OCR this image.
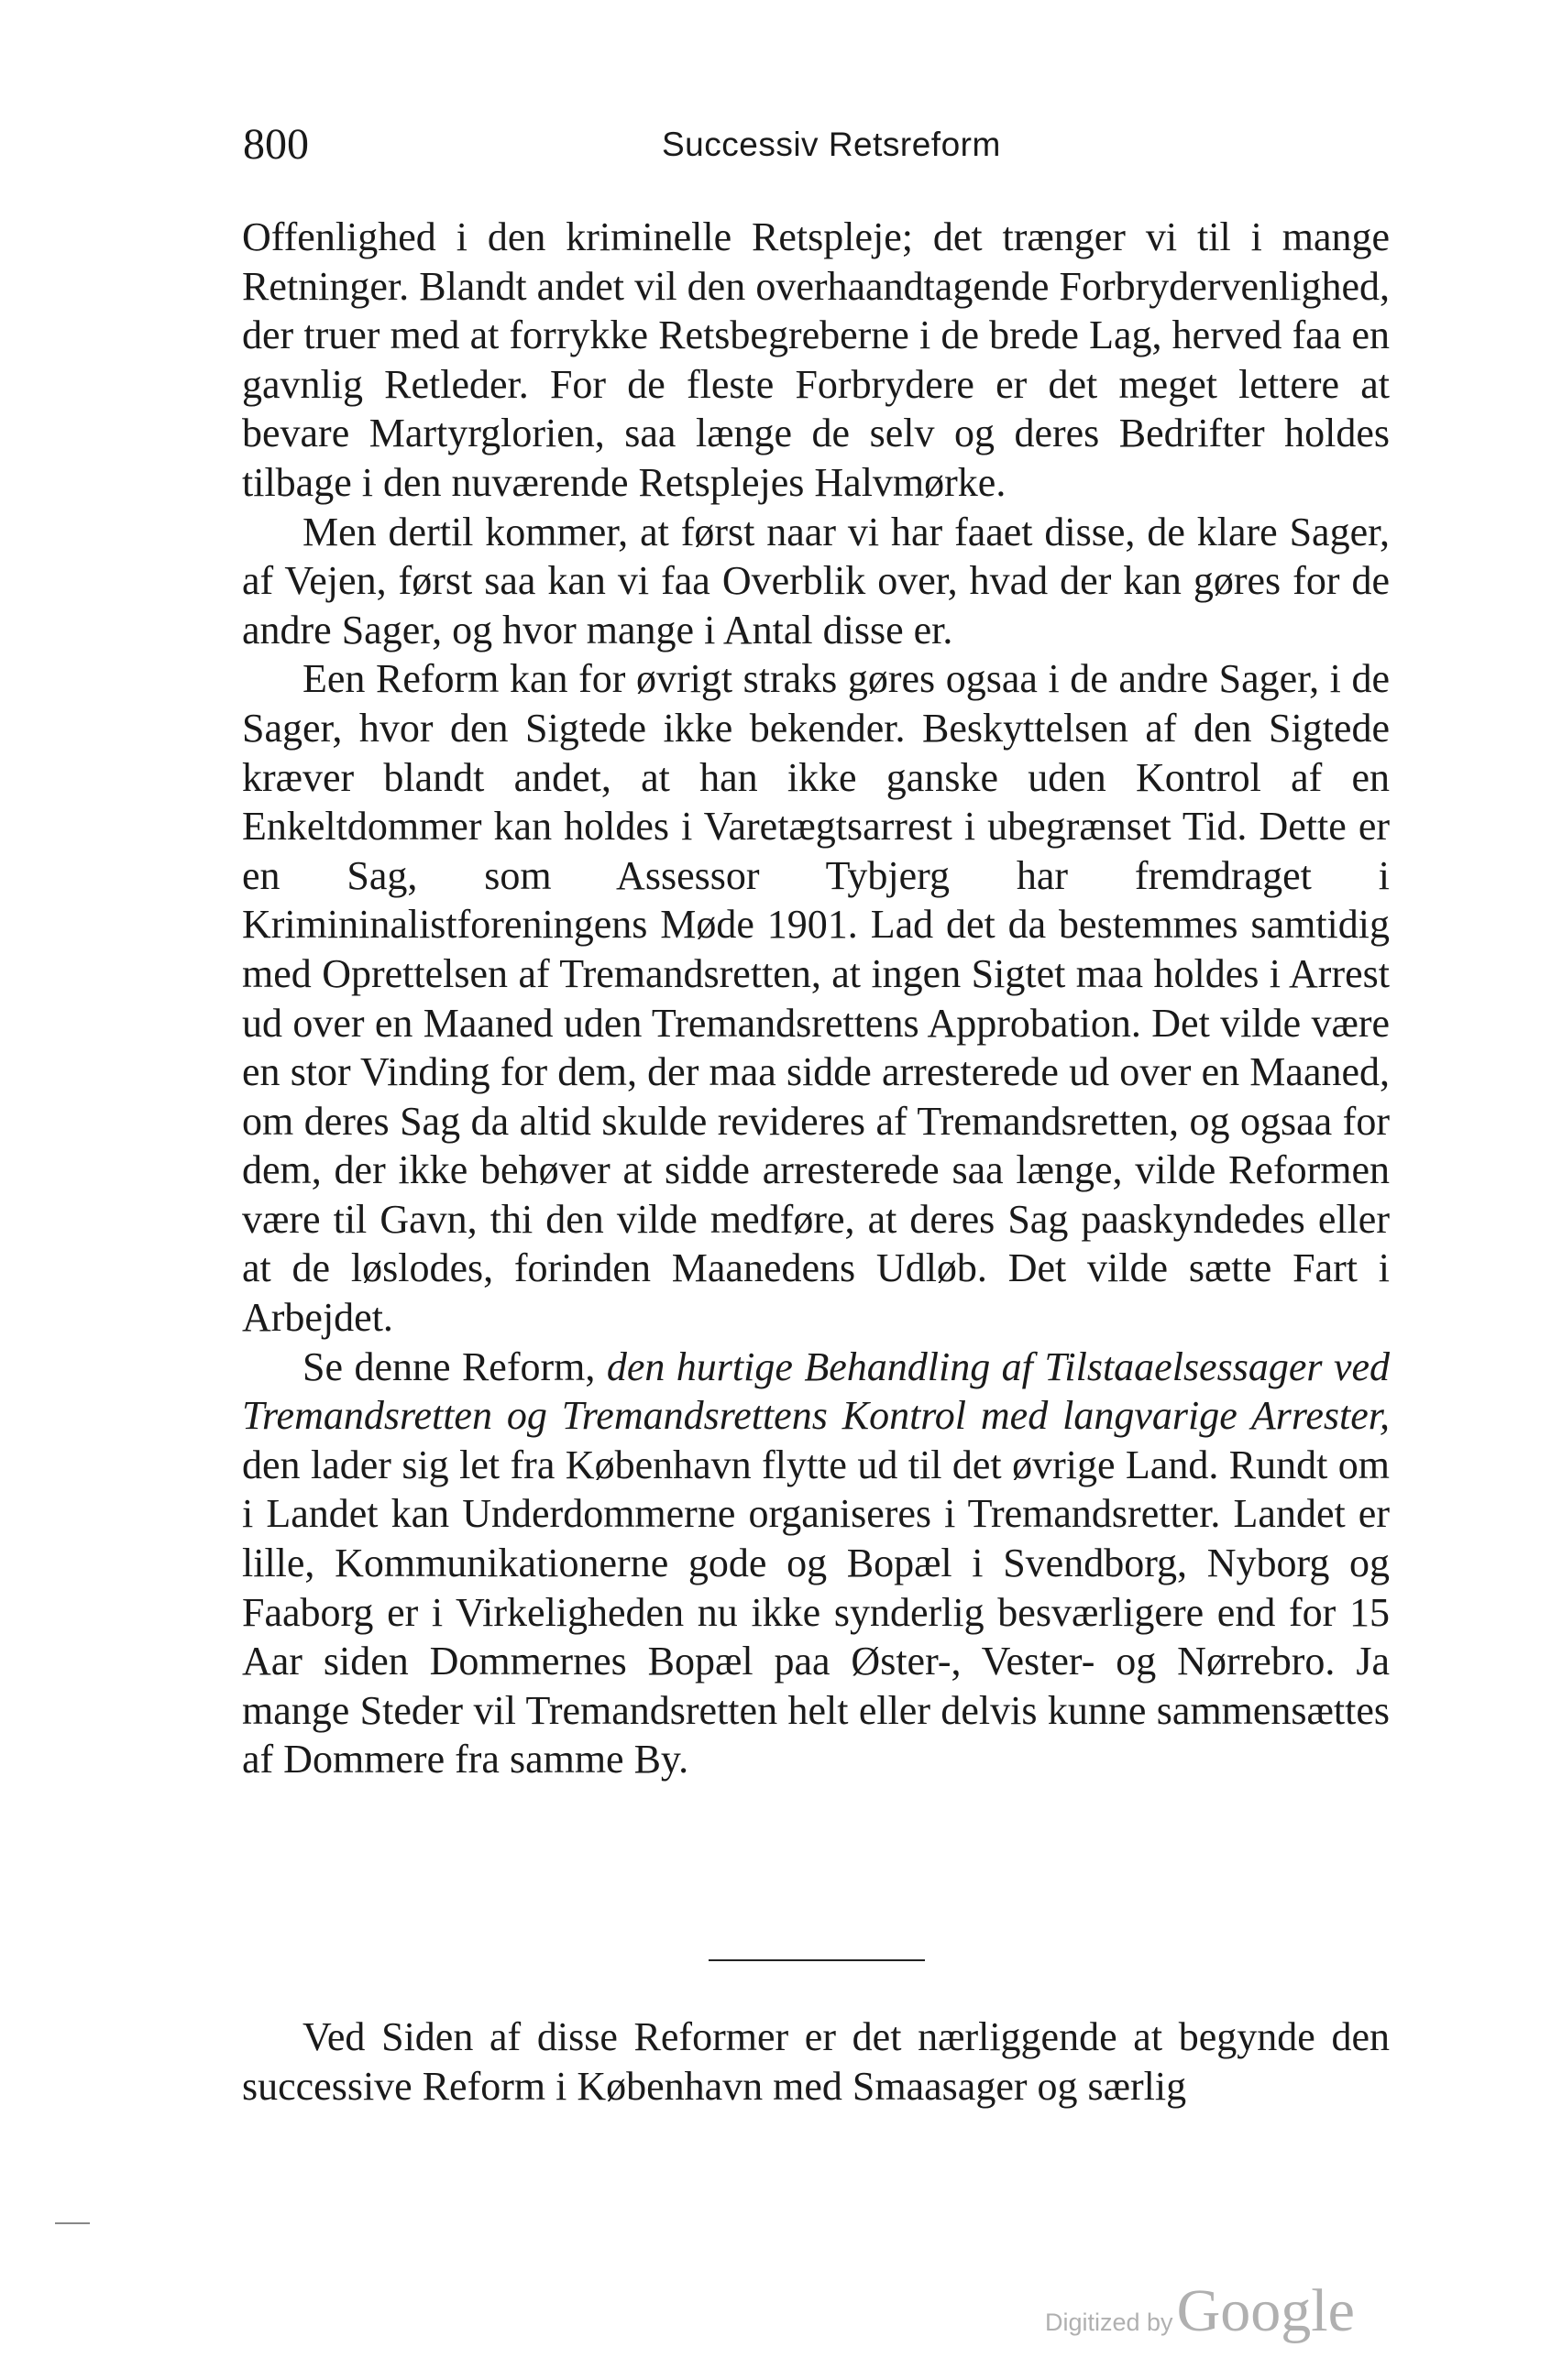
800	Successiv Retsreform

Offenlighed i den kriminelle Retspleje; det trænger vi til i mange Retninger. Blandt andet vil den overhaandtagende Forbrydervenlighed, der truer med at forrykke Retsbegreberne i de brede Lag, herved faa en gavnlig Retleder. For de fleste Forbrydere er det meget lettere at bevare Martyrglorien, saa længe de selv og deres Bedrifter holdes tilbage i den nuværende Retsplejes Halvmørke.

Men dertil kommer, at først naar vi har faaet disse, de klare Sager, af Vejen, først saa kan vi faa Overblik over, hvad der kan gøres for de andre Sager, og hvor mange i Antal disse er.

Een Reform kan for øvrigt straks gøres ogsaa i de andre Sager, i de Sager, hvor den Sigtede ikke bekender. Beskyttelsen af den Sigtede kræver blandt andet, at han ikke ganske uden Kontrol af en Enkeltdommer kan holdes i Varetægtsarrest i ubegrænset Tid. Dette er en Sag, som Assessor Tybjerg har fremdraget i Krimininalistforeningens Møde 1901. Lad det da bestemmes samtidig med Oprettelsen af Tremandsretten, at ingen Sigtet maa holdes i Arrest ud over en Maaned uden Tremandsrettens Approbation. Det vilde være en stor Vinding for dem, der maa sidde arresterede ud over en Maaned, om deres Sag da altid skulde revideres af Tremandsretten, og ogsaa for dem, der ikke behøver at sidde arresterede saa længe, vilde Reformen være til Gavn, thi den vilde medføre, at deres Sag paaskyndedes eller at de løslodes, forinden Maanedens Udløb. Det vilde sætte Fart i Arbejdet.

Se denne Reform, den hurtige Behandling af Tilstaaelsessager ved Tremandsretten og Tremandsrettens Kontrol med langvarige Arrester, den lader sig let fra København flytte ud til det øvrige Land. Rundt om i Landet kan Underdommerne organiseres i Tremandsretter. Landet er lille, Kommunikationerne gode og Bopæl i Svendborg, Nyborg og Faaborg er i Virkeligheden nu ikke synderlig besværligere end for 15 Aar siden Dommernes Bopæl paa Øster-, Vester- og Nørrebro. Ja mange Steder vil Tremandsretten helt eller delvis kunne sammensættes af Dommere fra samme By.

Ved Siden af disse Reformer er det nærliggende at begynde den successive Reform i København med Smaasager og særlig

Digitized byGoogle
